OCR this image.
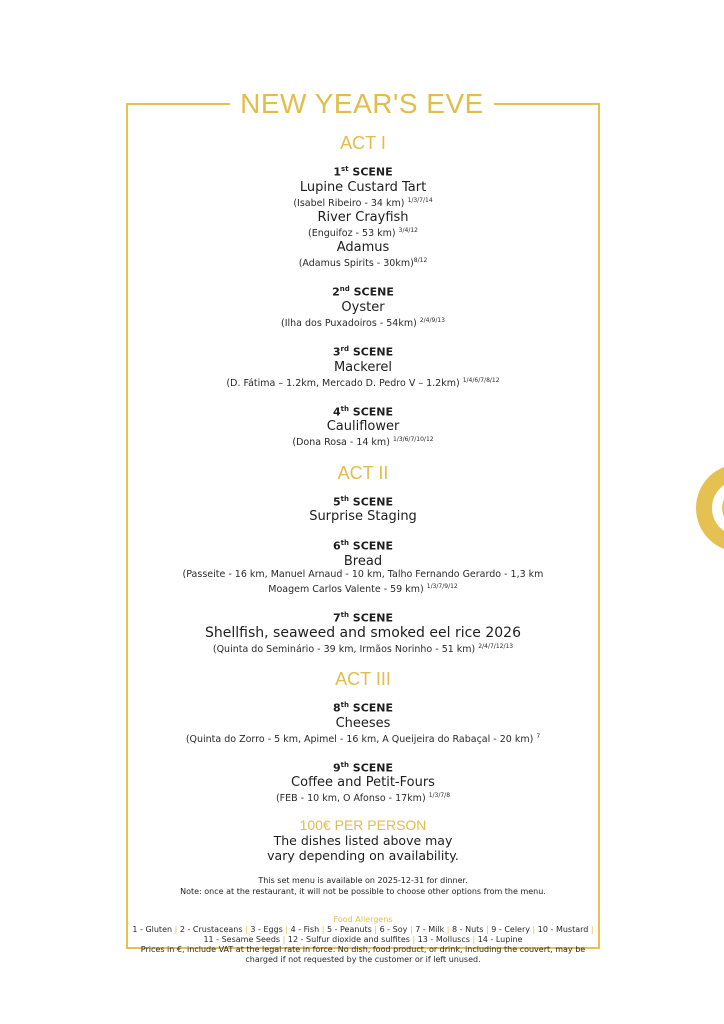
NEW YEAR'S EVE

ACT I

1st SCENE

Lupine Custard Tart

(Isabel Ribeiro - 34 km) $^{1/3/7/14}$

River Crayfish

(Enguifoz - 53 km) $^{3/4/12}$

Adamus

(Adamus Spirits - 30km)$^{8/12}$

2nd SCENE

Oyster

(Ilha dos Puxadoiros - 54km) $^{2/4/9/13}$

3rd SCENE

Mackerel

(D. Fátima – 1.2km, Mercado D. Pedro V – 1.2km) $^{1/4/6/7/8/12}$

4th SCENE

Cauliflower

(Dona Rosa - 14 km) $^{1/3/6/7/10/12}$

ACT II

5th SCENE

Surprise Staging

6th SCENE

Bread

(Passeite - 16 km, Manuel Arnaud - 10 km, Talho Fernando Gerardo - 1,3 km

Moagem Carlos Valente - 59 km) $^{1/3/7/9/12}$

7th SCENE

Shellfish, seaweed and smoked eel rice 2026

(Quinta do Seminário - 39 km, Irmãos Norinho - 51 km) $^{2/4/7/12/13}$

ACT III

8th SCENE

Cheeses

(Quinta do Zorro - 5 km, Apimel - 16 km, A Queijeira do Rabaçal - 20 km) $^7$

9th SCENE

Coffee and Petit-Fours

(FEB - 10 km, O Afonso - 17km) $^{1/3/7/8}$

100€ PER PERSON

The dishes listed above may

vary depending on availability.

This set menu is available on 2025-12-31 for dinner.

Note: once at the restaurant, it will not be possible to choose other options from the menu.

Food Allergens

1 - Gluten | 2 - Crustaceans | 3 - Eggs | 4 - Fish | 5 - Peanuts | 6 - Soy | 7 - Milk | 8 - Nuts | 9 - Celery | 10 - Mustard |

11 - Sesame Seeds | 12 - Sulfur dioxide and sulfites | 13 - Molluscs | 14 - Lupine

Prices in €, include VAT at the legal rate in force. No dish, food product, or drink, including the couvert, may be

charged if not requested by the customer or if left unused.
